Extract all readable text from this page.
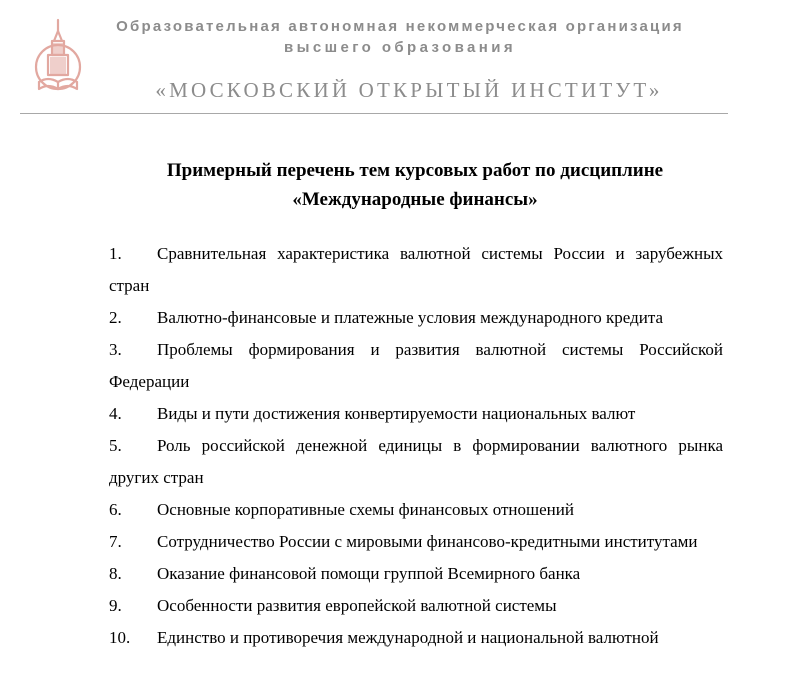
Образовательная автономная некоммерческая организация
высшего образования
«МОСКОВСКИЙ ОТКРЫТЫЙ ИНСТИТУТ»
Примерный перечень тем курсовых работ по дисциплине
«Международные финансы»
1. Сравнительная характеристика валютной системы России и зарубежных стран
2. Валютно-финансовые и платежные условия международного кредита
3. Проблемы формирования и развития валютной системы Российской Федерации
4. Виды и пути достижения конвертируемости национальных валют
5. Роль российской денежной единицы в формировании валютного рынка других стран
6. Основные корпоративные схемы финансовых отношений
7. Сотрудничество России с мировыми финансово-кредитными институтами
8. Оказание финансовой помощи группой Всемирного банка
9. Особенности развития европейской валютной системы
10. Единство и противоречия международной и национальной валютной
